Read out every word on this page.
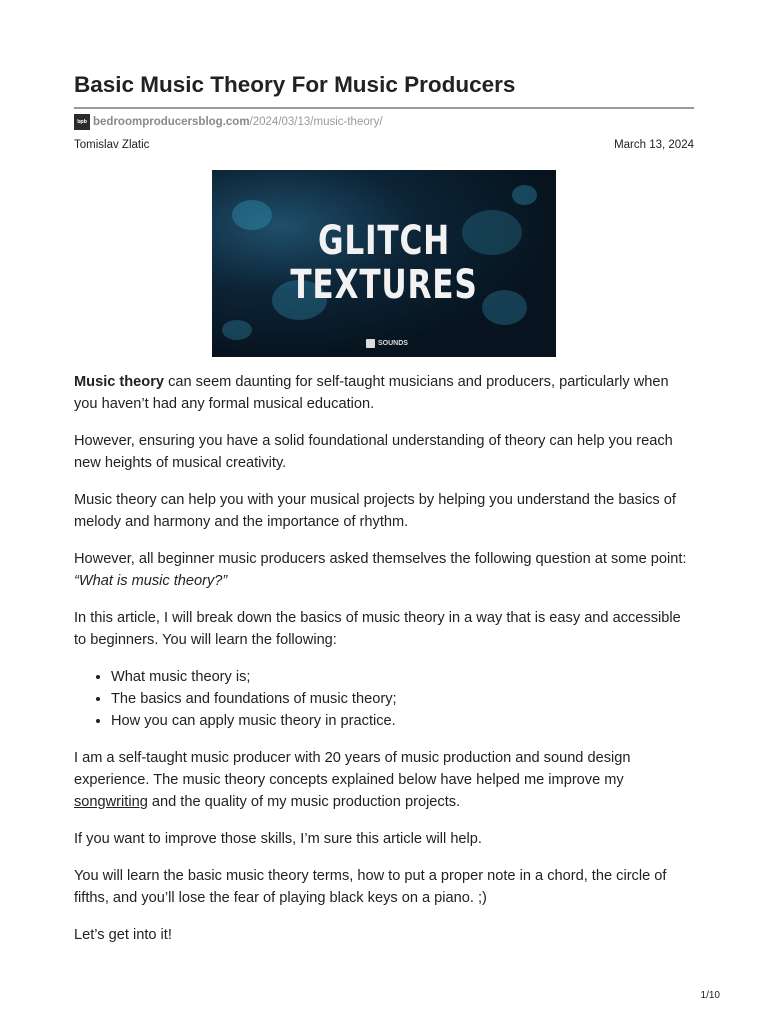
Basic Music Theory For Music Producers
bpb bedroomproducersblog.com /2024/03/13/music-theory/
Tomislav Zlatic	March 13, 2024
GLITCH
TEXTURES
SOUNDS

Music theory can seem daunting for self-taught musicians and producers, particularly when you haven’t had any formal musical education.

However, ensuring you have a solid foundational understanding of theory can help you reach new heights of musical creativity.

Music theory can help you with your musical projects by helping you understand the basics of melody and harmony and the importance of rhythm.

However, all beginner music producers asked themselves the following question at some point: “What is music theory?”

In this article, I will break down the basics of music theory in a way that is easy and accessible to beginners. You will learn the following:

• What music theory is;
• The basics and foundations of music theory;
• How you can apply music theory in practice.

I am a self-taught music producer with 20 years of music production and sound design experience. The music theory concepts explained below have helped me improve my songwriting and the quality of my music production projects.

If you want to improve those skills, I’m sure this article will help.

You will learn the basic music theory terms, how to put a proper note in a chord, the circle of fifths, and you’ll lose the fear of playing black keys on a piano. ;)

Let’s get into it!

1/10
